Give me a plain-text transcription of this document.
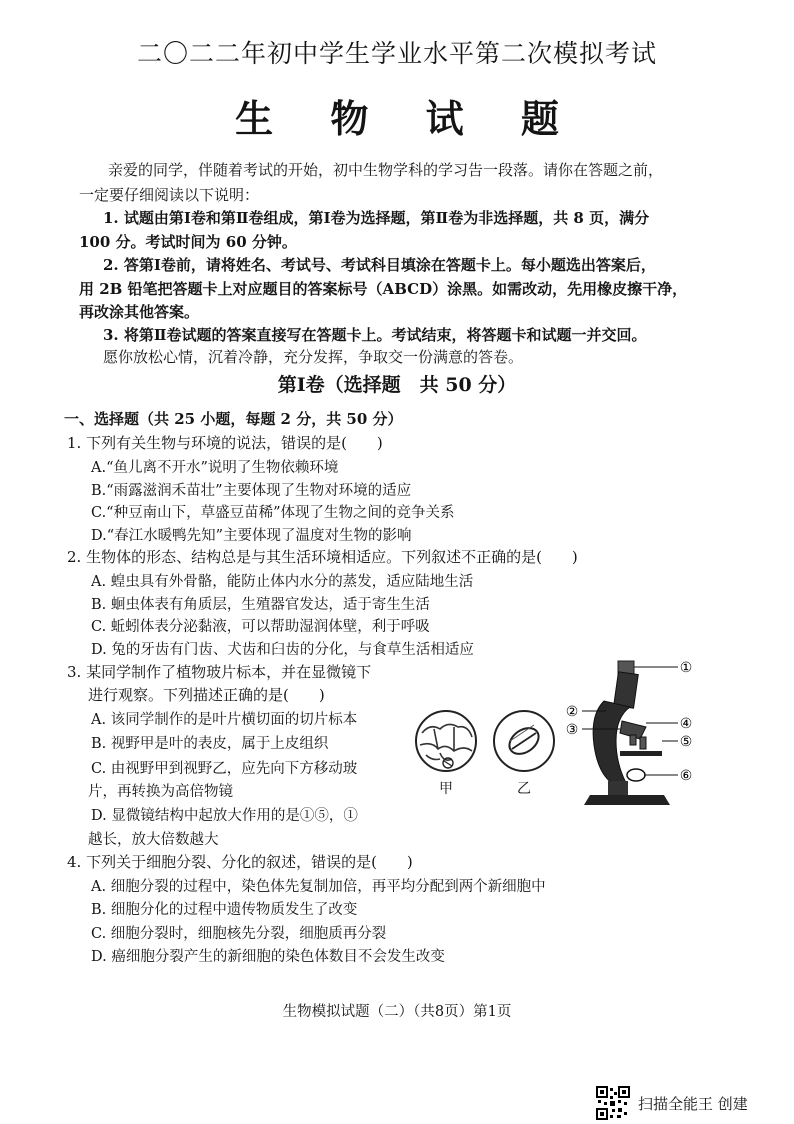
二〇二二年初中学生学业水平第二次模拟考试
生 物 试 题
亲爱的同学，伴随着考试的开始，初中生物学科的学习告一段落。请你在答题之前，
一定要仔细阅读以下说明：
1. 试题由第Ⅰ卷和第Ⅱ卷组成，第Ⅰ卷为选择题，第Ⅱ卷为非选择题，共 8 页，满分
100 分。考试时间为 60 分钟。
2. 答第Ⅰ卷前，请将姓名、考试号、考试科目填涂在答题卡上。每小题选出答案后，
用 2B 铅笔把答题卡上对应题目的答案标号（ABCD）涂黑。如需改动，先用橡皮擦干净，
再改涂其他答案。
3. 将第Ⅱ卷试题的答案直接写在答题卡上。考试结束，将答题卡和试题一并交回。
愿你放松心情，沉着冷静，充分发挥，争取交一份满意的答卷。
第Ⅰ卷（选择题　共 50 分）
一、选择题（共 25 小题，每题 2 分，共 50 分）
1. 下列有关生物与环境的说法，错误的是(　　)
A.“鱼儿离不开水”说明了生物依赖环境
B.“雨露滋润禾苗壮”主要体现了生物对环境的适应
C.“种豆南山下，草盛豆苗稀”体现了生物之间的竞争关系
D.“春江水暖鸭先知”主要体现了温度对生物的影响
2. 生物体的形态、结构总是与其生活环境相适应。下列叙述不正确的是(　　)
A. 蝗虫具有外骨骼，能防止体内水分的蒸发，适应陆地生活
B. 蛔虫体表有角质层，生殖器官发达，适于寄生生活
C. 蚯蚓体表分泌黏液，可以帮助湿润体壁，利于呼吸
D. 兔的牙齿有门齿、犬齿和臼齿的分化，与食草生活相适应
3. 某同学制作了植物玻片标本，并在显微镜下
进行观察。下列描述正确的是(　　)
A. 该同学制作的是叶片横切面的切片标本
B. 视野甲是叶的表皮，属于上皮组织
C. 由视野甲到视野乙，应先向下方移动玻
片，再转换为高倍物镜
D. 显微镜结构中起放大作用的是①⑤，①
越长，放大倍数越大
甲	乙
①
②
③	④
⑤
⑥
4. 下列关于细胞分裂、分化的叙述，错误的是(　　)
A. 细胞分裂的过程中，染色体先复制加倍，再平均分配到两个新细胞中
B. 细胞分化的过程中遗传物质发生了改变
C. 细胞分裂时，细胞核先分裂，细胞质再分裂
D. 癌细胞分裂产生的新细胞的染色体数目不会发生改变
生物模拟试题（二）（共8页）第1页
扫描全能王 创建
